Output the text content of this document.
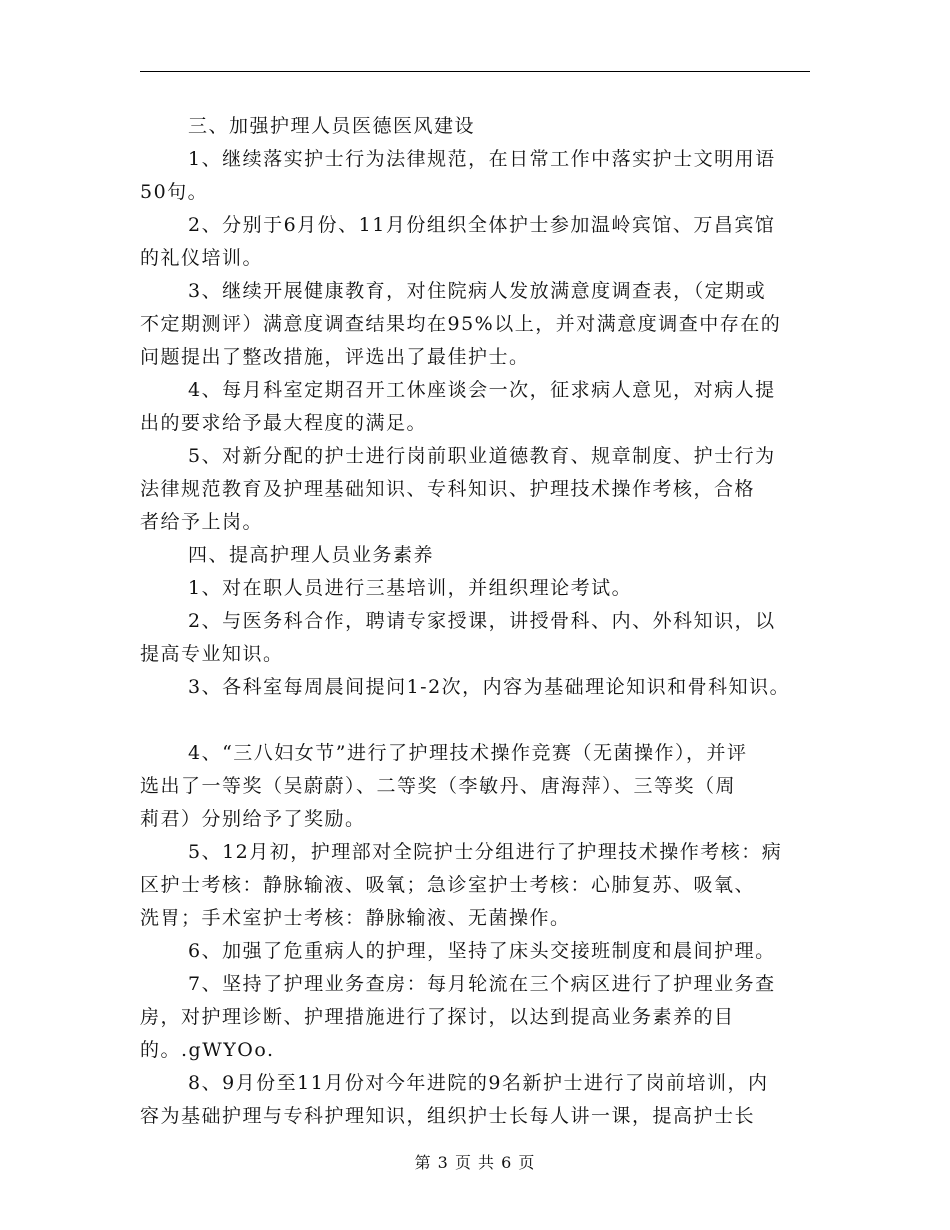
三、加强护理人员医德医风建设

1、继续落实护士行为法律规范，在日常工作中落实护士文明用语

50句。

2、分别于6月份、11月份组织全体护士参加温岭宾馆、万昌宾馆

的礼仪培训。

3、继续开展健康教育，对住院病人发放满意度调查表，（定期或

不定期测评）满意度调查结果均在95%以上，并对满意度调查中存在的

问题提出了整改措施，评选出了最佳护士。

4、每月科室定期召开工休座谈会一次，征求病人意见，对病人提

出的要求给予最大程度的满足。

5、对新分配的护士进行岗前职业道德教育、规章制度、护士行为

法律规范教育及护理基础知识、专科知识、护理技术操作考核，合格

者给予上岗。

四、提高护理人员业务素养

1、对在职人员进行三基培训，并组织理论考试。

2、与医务科合作，聘请专家授课，讲授骨科、内、外科知识，以

提高专业知识。

3、各科室每周晨间提问1-2次，内容为基础理论知识和骨科知识。

4、“三八妇女节”进行了护理技术操作竞赛（无菌操作），并评

选出了一等奖（吴蔚蔚）、二等奖（李敏丹、唐海萍）、三等奖（周

莉君）分别给予了奖励。

5、12月初，护理部对全院护士分组进行了护理技术操作考核：病

区护士考核：静脉输液、吸氧；急诊室护士考核：心肺复苏、吸氧、

洗胃；手术室护士考核：静脉输液、无菌操作。

6、加强了危重病人的护理，坚持了床头交接班制度和晨间护理。

7、坚持了护理业务查房：每月轮流在三个病区进行了护理业务查

房，对护理诊断、护理措施进行了探讨，以达到提高业务素养的目

的。.gWYOo.

8、9月份至11月份对今年进院的9名新护士进行了岗前培训，内

容为基础护理与专科护理知识，组织护士长每人讲一课，提高护士长

第 3 页 共 6 页
